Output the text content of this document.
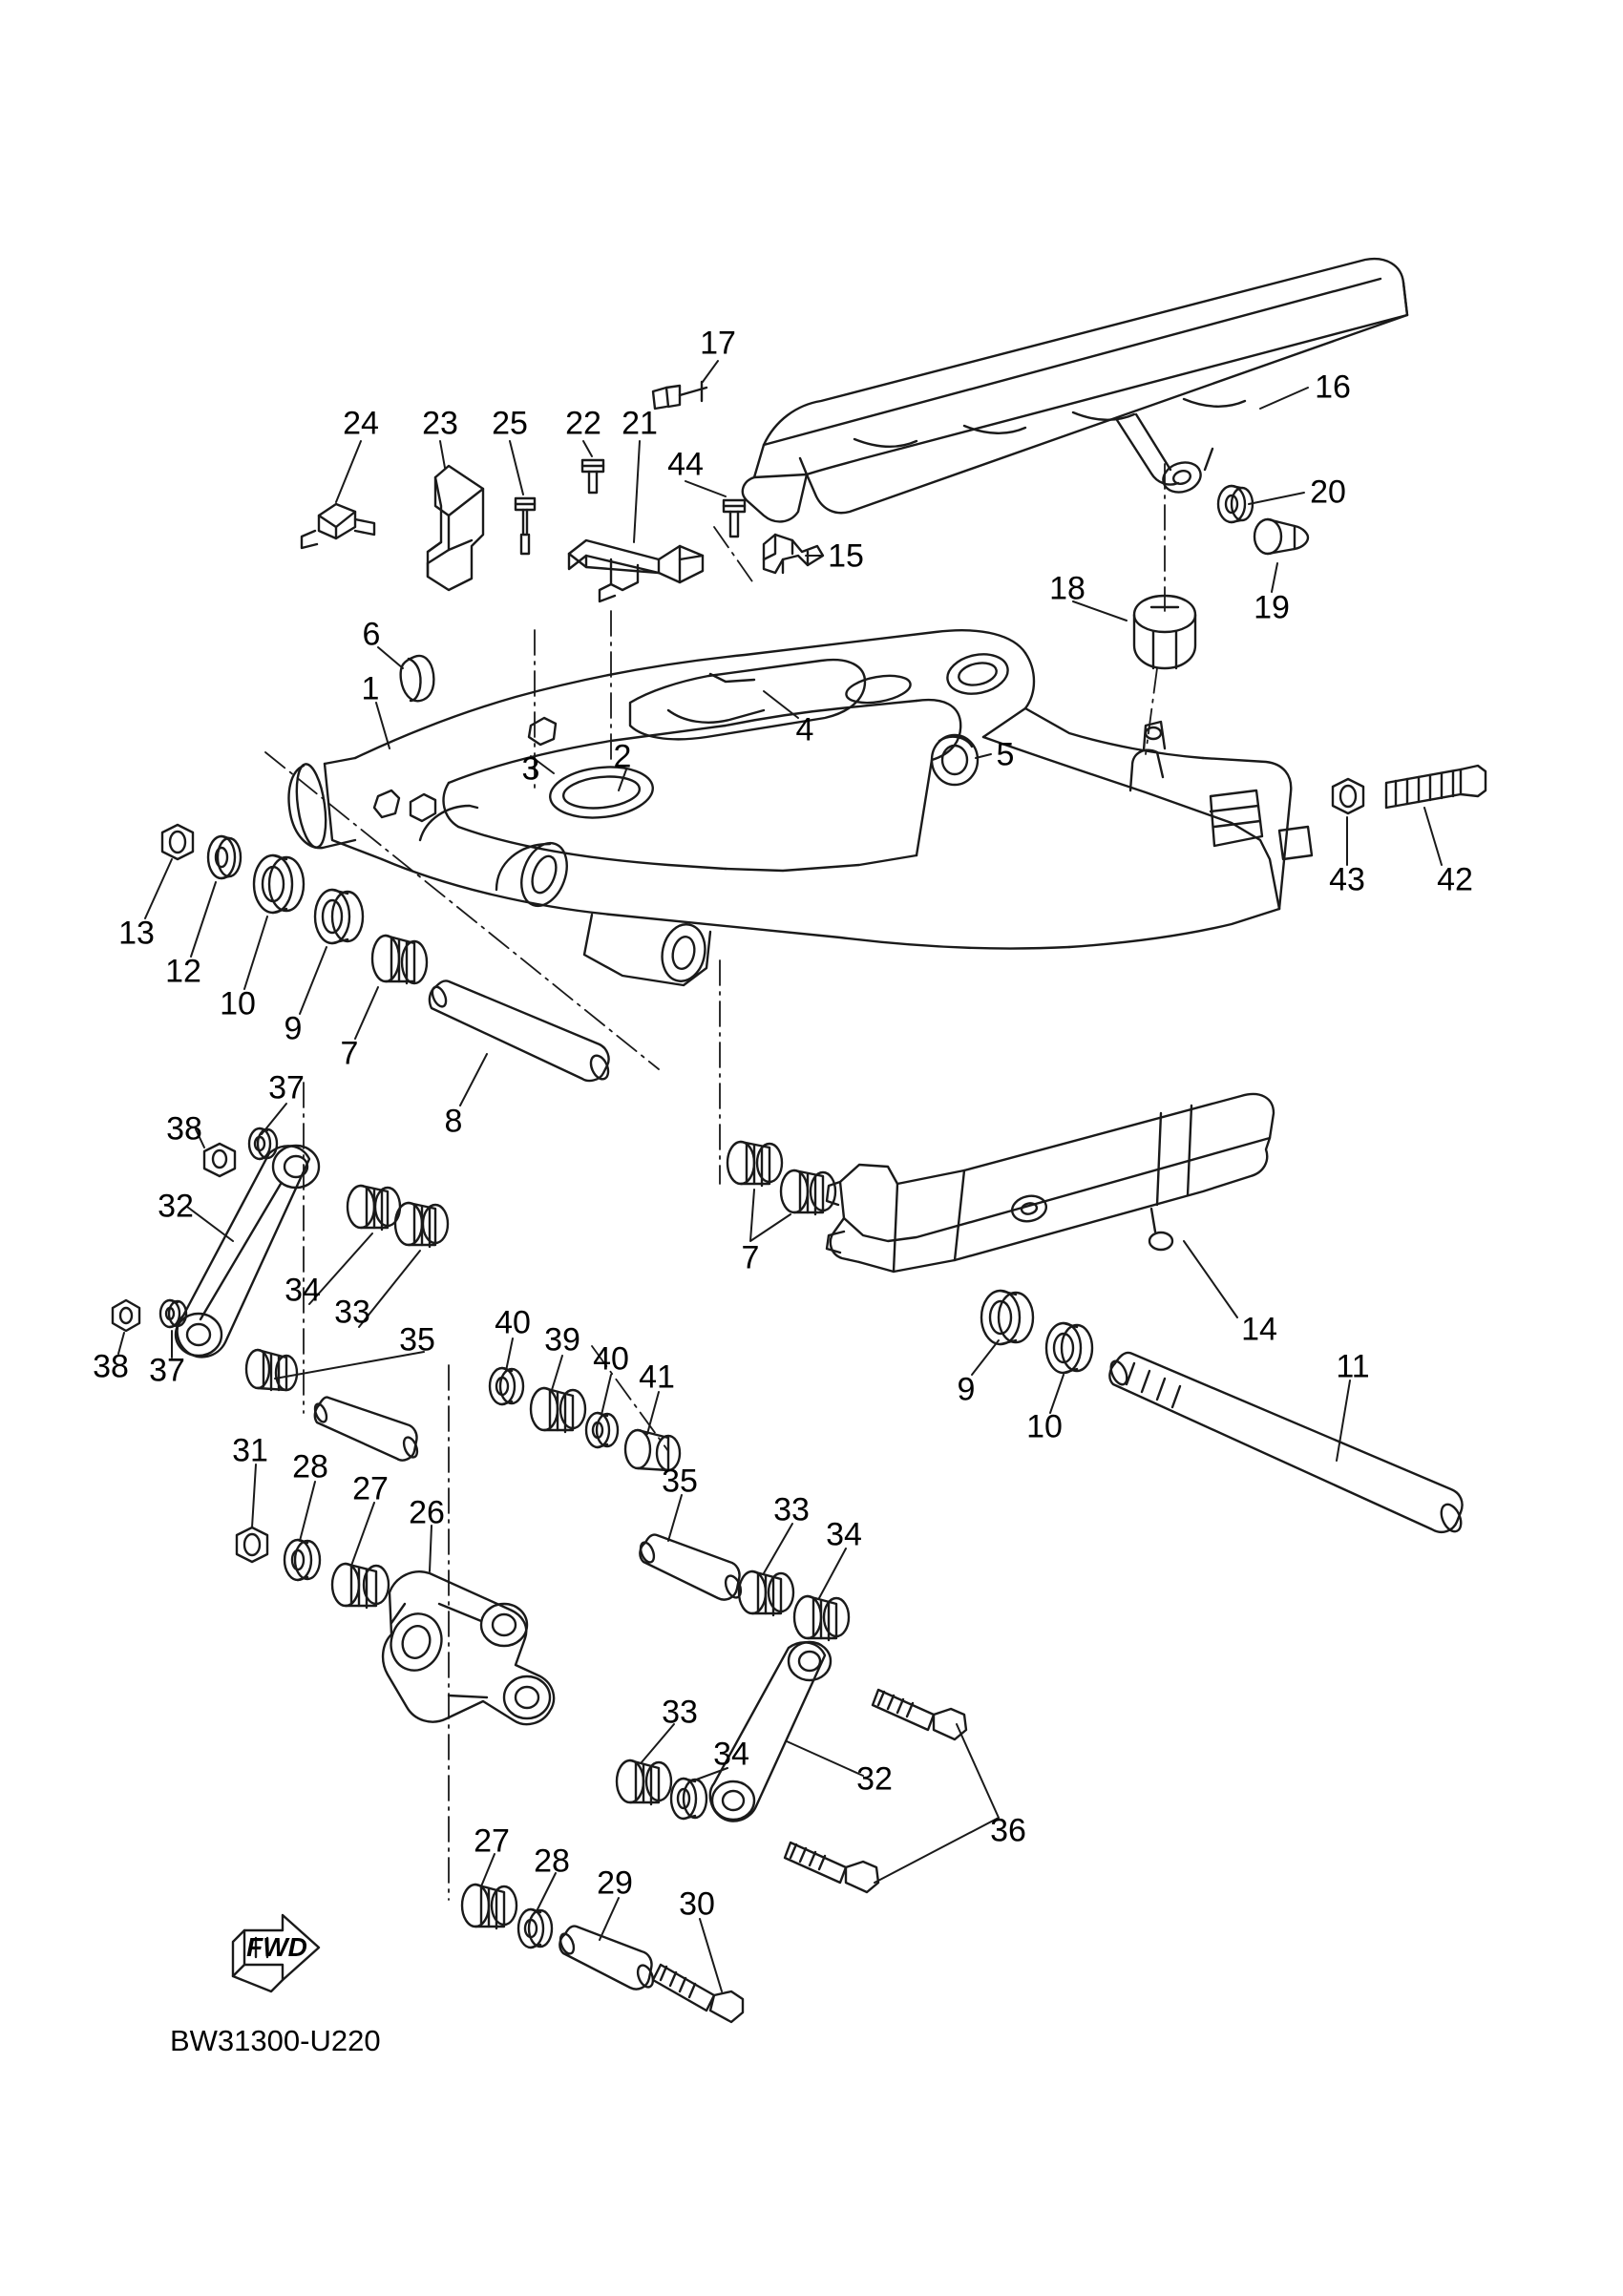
17
16
24 23 25 22 21
44
20
15
19
18
6
1
4
5
3 2
43 42
13
12
10
9
7
8
37
38
32
34
33
7
38 37
35 40 39
40 41	9
10
14
11
31 28
27
26
35
33
34
33
34
32
36
27
28
29
30
FWD
BW31300-U220
